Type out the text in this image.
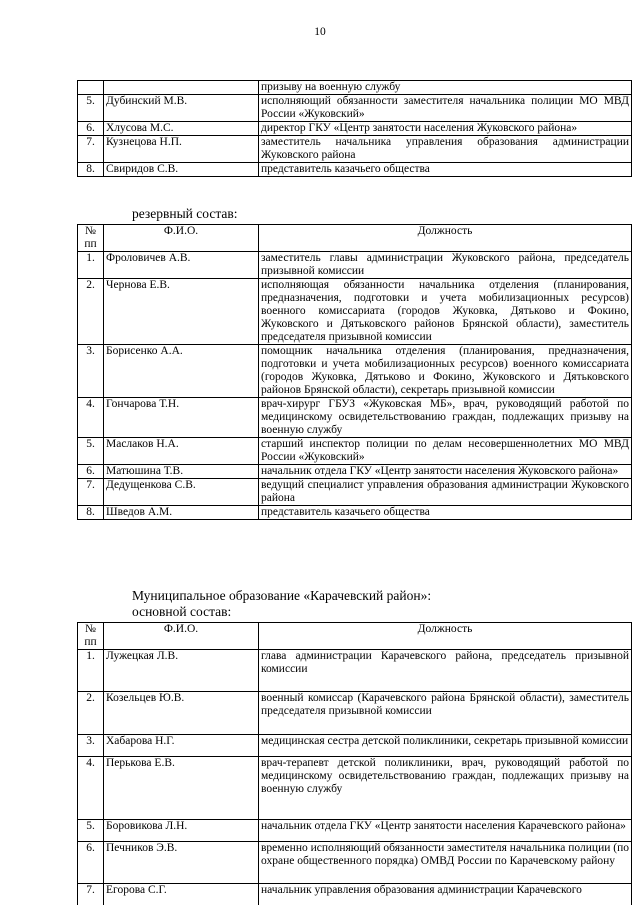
10
		призыву на военную службу
5.	Дубинский М.В.	исполняющий обязанности заместителя начальника полиции МО МВД России «Жуковский»
6.	Хлусова М.С.	директор ГКУ «Центр занятости населения Жуковского района»
7.	Кузнецова Н.П.	заместитель начальника управления образования администрации Жуковского района
8.	Свиридов С.В.	представитель казачьего общества
резервный состав:
№ пп	Ф.И.О.	Должность
1.	Фроловичев А.В.	заместитель главы администрации Жуковского района, председатель призывной комиссии
2.	Чернова Е.В.	исполняющая обязанности начальника отделения (планирования, предназначения, подготовки и учета мобилизационных ресурсов) военного комиссариата (городов Жуковка, Дятьково и Фокино, Жуковского и Дятьковского районов Брянской области), заместитель председателя призывной комиссии
3.	Борисенко А.А.	помощник начальника отделения (планирования, предназначения, подготовки и учета мобилизационных ресурсов) военного комиссариата (городов Жуковка, Дятьково и Фокино, Жуковского и Дятьковского районов Брянской области), секретарь призывной комиссии
4.	Гончарова Т.Н.	врач-хирург ГБУЗ «Жуковская МБ», врач, руководящий работой по медицинскому освидетельствованию граждан, подлежащих призыву на военную службу
5.	Маслаков Н.А.	старший инспектор полиции по делам несовершеннолетних МО МВД России «Жуковский»
6.	Матюшина Т.В.	начальник отдела ГКУ «Центр занятости населения Жуковского района»
7.	Дедущенкова С.В.	ведущий специалист управления образования администрации Жуковского района
8.	Шведов А.М.	представитель казачьего общества
Муниципальное образование «Карачевский район»:
основной состав:
№ пп	Ф.И.О.	Должность
1.	Лужецкая Л.В.	глава администрации Карачевского района, председатель призывной комиссии
2.	Козельцев Ю.В.	военный комиссар (Карачевского района Брянской области), заместитель председателя призывной комиссии
3.	Хабарова Н.Г.	медицинская сестра детской поликлиники, секретарь призывной комиссии
4.	Перькова Е.В.	врач-терапевт детской поликлиники, врач, руководящий работой по медицинскому освидетельствованию граждан, подлежащих призыву на военную службу
5.	Боровикова Л.Н.	начальник отдела ГКУ «Центр занятости населения Карачевского района»
6.	Печников Э.В.	временно исполняющий обязанности заместителя начальника полиции (по охране общественного порядка) ОМВД России по Карачевскому району
7.	Егорова С.Г.	начальник управления образования администрации Карачевского
